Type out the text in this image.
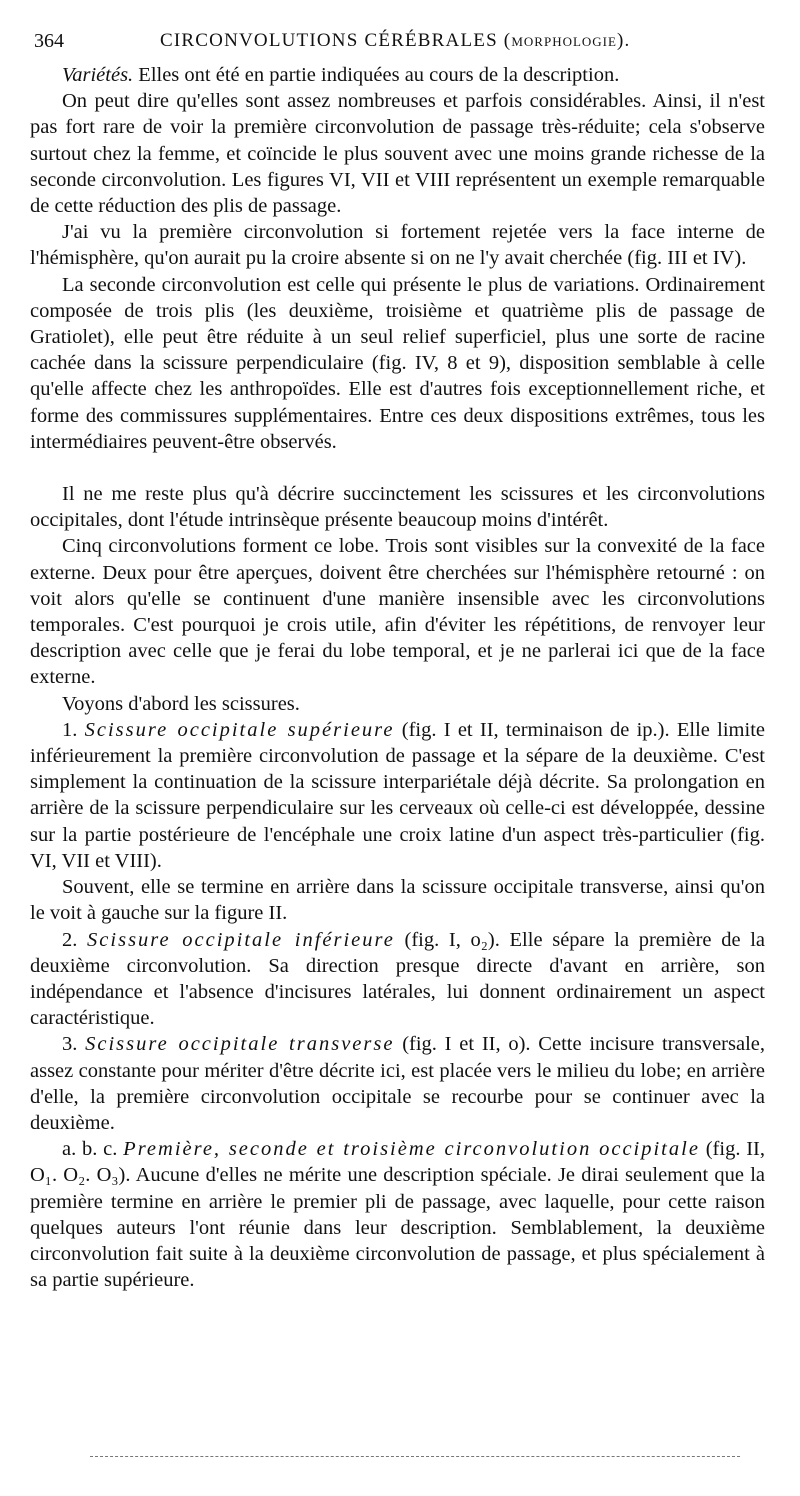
364	CIRCONVOLUTIONS CÉRÉBRALES (MORPHOLOGIE).

Variétés. Elles ont été en partie indiquées au cours de la description.

On peut dire qu'elles sont assez nombreuses et parfois considérables. Ainsi, il n'est pas fort rare de voir la première circonvolution de passage très-réduite; cela s'observe surtout chez la femme, et coïncide le plus souvent avec une moins grande richesse de la seconde circonvolution. Les figures VI, VII et VIII représentent un exemple remarquable de cette réduction des plis de passage.

J'ai vu la première circonvolution si fortement rejetée vers la face interne de l'hémisphère, qu'on aurait pu la croire absente si on ne l'y avait cherchée (fig. III et IV).

La seconde circonvolution est celle qui présente le plus de variations. Ordinairement composée de trois plis (les deuxième, troisième et quatrième plis de passage de Gratiolet), elle peut être réduite à un seul relief superficiel, plus une sorte de racine cachée dans la scissure perpendiculaire (fig. IV, 8 et 9), disposition semblable à celle qu'elle affecte chez les anthropoïdes. Elle est d'autres fois exceptionnellement riche, et forme des commissures supplémentaires. Entre ces deux dispositions extrêmes, tous les intermédiaires peuvent-être observés.

Il ne me reste plus qu'à décrire succinctement les scissures et les circonvolutions occipitales, dont l'étude intrinsèque présente beaucoup moins d'intérêt.

Cinq circonvolutions forment ce lobe. Trois sont visibles sur la convexité de la face externe. Deux pour être aperçues, doivent être cherchées sur l'hémisphère retourné : on voit alors qu'elle se continuent d'une manière insensible avec les circonvolutions temporales. C'est pourquoi je crois utile, afin d'éviter les répétitions, de renvoyer leur description avec celle que je ferai du lobe temporal, et je ne parlerai ici que de la face externe.

Voyons d'abord les scissures.

1. Scissure occipitale supérieure (fig. I et II, terminaison de ip.). Elle limite inférieurement la première circonvolution de passage et la sépare de la deuxième. C'est simplement la continuation de la scissure interpariétale déjà décrite. Sa prolongation en arrière de la scissure perpendiculaire sur les cerveaux où celle-ci est développée, dessine sur la partie postérieure de l'encéphale une croix latine d'un aspect très-particulier (fig. VI, VII et VIII).

Souvent, elle se termine en arrière dans la scissure occipitale transverse, ainsi qu'on le voit à gauche sur la figure II.

2. Scissure occipitale inférieure (fig. I, o₂). Elle sépare la première de la deuxième circonvolution. Sa direction presque directe d'avant en arrière, son indépendance et l'absence d'incisures latérales, lui donnent ordinairement un aspect caractéristique.

3. Scissure occipitale transverse (fig. I et II, o). Cette incisure transversale, assez constante pour mériter d'être décrite ici, est placée vers le milieu du lobe; en arrière d'elle, la première circonvolution occipitale se recourbe pour se continuer avec la deuxième.

a. b. c. Première, seconde et troisième circonvolution occipitale (fig. II, O₁. O₂. O₃). Aucune d'elles ne mérite une description spéciale. Je dirai seulement que la première termine en arrière le premier pli de passage, avec laquelle, pour cette raison quelques auteurs l'ont réunie dans leur description. Semblablement, la deuxième circonvolution fait suite à la deuxième circonvolution de passage, et plus spécialement à sa partie supérieure.
